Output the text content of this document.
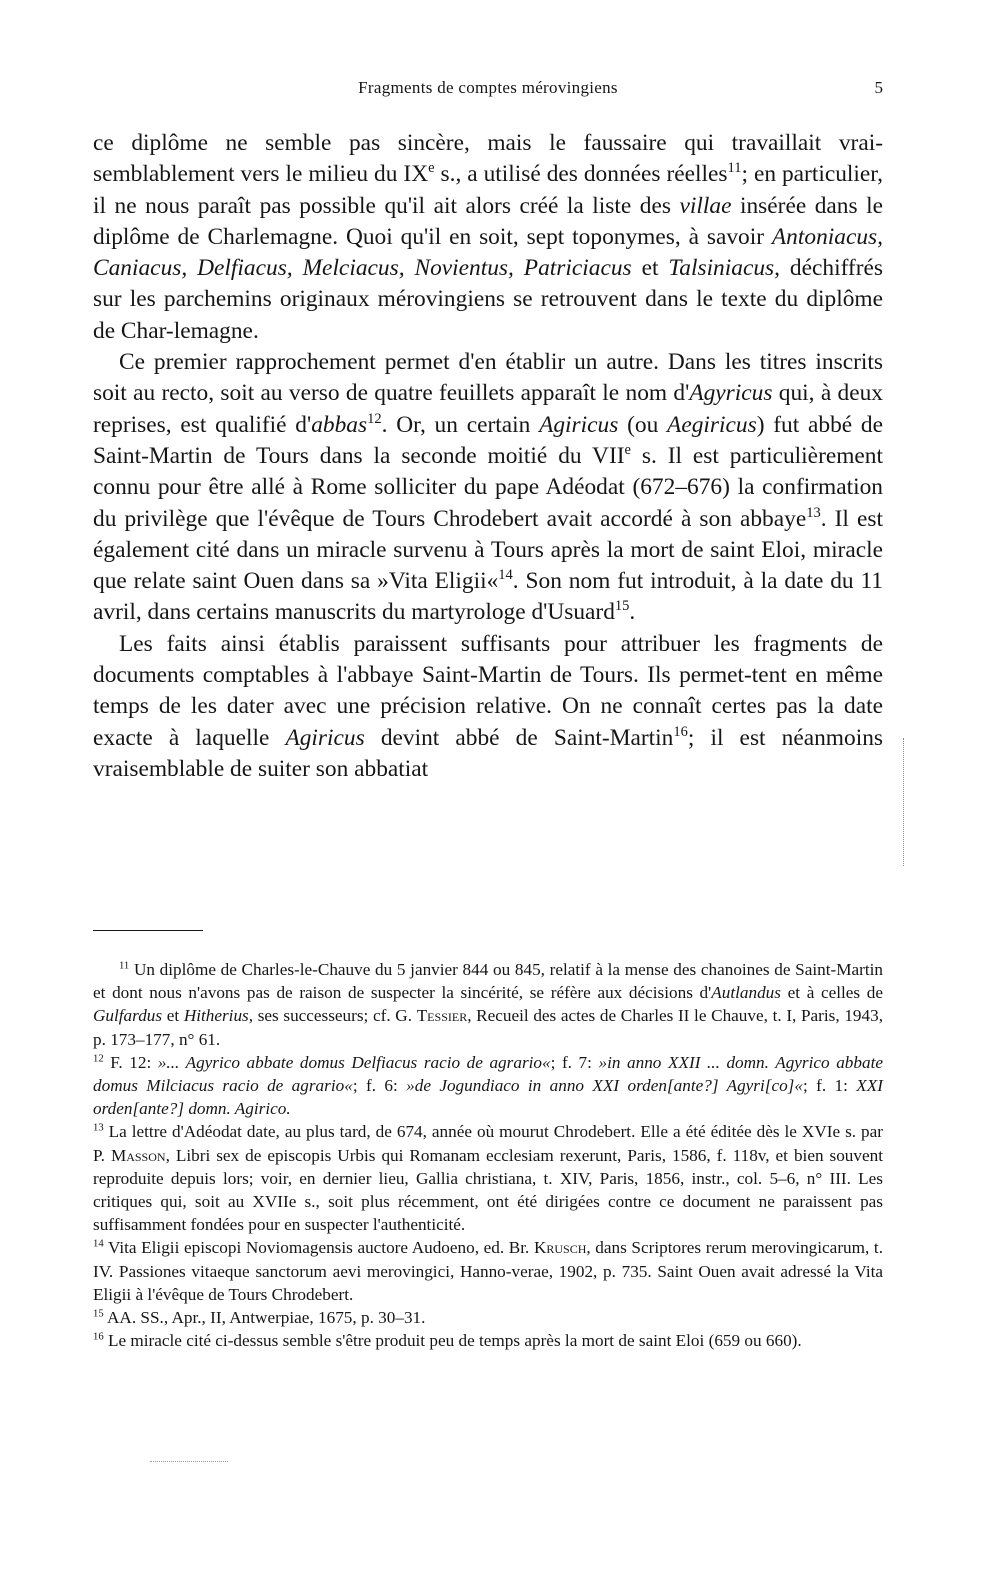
Fragments de comptes mérovingiens	5

ce diplôme ne semble pas sincère, mais le faussaire qui travaillait vrai-semblablement vers le milieu du IXe s., a utilisé des données réelles$^{11}$; en particulier, il ne nous paraît pas possible qu'il ait alors créé la liste des villae insérée dans le diplôme de Charlemagne. Quoi qu'il en soit, sept toponymes, à savoir Antoniacus, Caniacus, Delfiacus, Melciacus, Novientus, Patriciacus et Talsiniacus, déchiffrés sur les parchemins originaux mérovingiens se retrouvent dans le texte du diplôme de Char-lemagne.

Ce premier rapprochement permet d'en établir un autre. Dans les titres inscrits soit au recto, soit au verso de quatre feuillets apparaît le nom d'Agyricus qui, à deux reprises, est qualifié d'abbas$^{12}$. Or, un certain Agiricus (ou Aegiricus) fut abbé de Saint-Martin de Tours dans la seconde moitié du VIIe s. Il est particulièrement connu pour être allé à Rome solliciter du pape Adéodat (672–676) la confirmation du privilège que l'évêque de Tours Chrodebert avait accordé à son abbaye$^{13}$. Il est également cité dans un miracle survenu à Tours après la mort de saint Eloi, miracle que relate saint Ouen dans sa »Vita Eligii«$^{14}$. Son nom fut introduit, à la date du 11 avril, dans certains manuscrits du martyrologe d'Usuard$^{15}$.

Les faits ainsi établis paraissent suffisants pour attribuer les fragments de documents comptables à l'abbaye Saint-Martin de Tours. Ils permet-tent en même temps de les dater avec une précision relative. On ne connaît certes pas la date exacte à laquelle Agiricus devint abbé de Saint-Martin$^{16}$; il est néanmoins vraisemblable de suiter son abbatiat

$^{11}$ Un diplôme de Charles-le-Chauve du 5 janvier 844 ou 845, relatif à la mense des chanoines de Saint-Martin et dont nous n'avons pas de raison de suspecter la sincérité, se réfère aux décisions d'Autlandus et à celles de Gulfardus et Hitherius, ses successeurs; cf. G. Tessier, Recueil des actes de Charles II le Chauve, t. I, Paris, 1943, p. 173–177, n° 61.

$^{12}$ F. 12: »... Agyrico abbate domus Delfiacus racio de agrario«; f. 7: »in anno XXII ... domn. Agyrico abbate domus Milciacus racio de agrario«; f. 6: »de Jogundiaco in anno XXI orden[ante?] Agyri[co]«; f. 1: XXI orden[ante?] domn. Agirico.

$^{13}$ La lettre d'Adéodat date, au plus tard, de 674, année où mourut Chrodebert. Elle a été éditée dès le XVIe s. par P. Masson, Libri sex de episcopis Urbis qui Romanam ecclesiam rexerunt, Paris, 1586, f. 118v, et bien souvent reproduite depuis lors; voir, en dernier lieu, Gallia christiana, t. XIV, Paris, 1856, instr., col. 5–6, n° III. Les critiques qui, soit au XVIIe s., soit plus récemment, ont été dirigées contre ce document ne paraissent pas suffisamment fondées pour en suspecter l'authenticité.

$^{14}$ Vita Eligii episcopi Noviomagensis auctore Audoeno, ed. Br. Krusch, dans Scriptores rerum merovingicarum, t. IV. Passiones vitaeque sanctorum aevi merovingici, Hanno-verae, 1902, p. 735. Saint Ouen avait adressé la Vita Eligii à l'évêque de Tours Chrodebert.

$^{15}$ AA. SS., Apr., II, Antwerpiae, 1675, p. 30–31.

$^{16}$ Le miracle cité ci-dessus semble s'être produit peu de temps après la mort de saint Eloi (659 ou 660).
